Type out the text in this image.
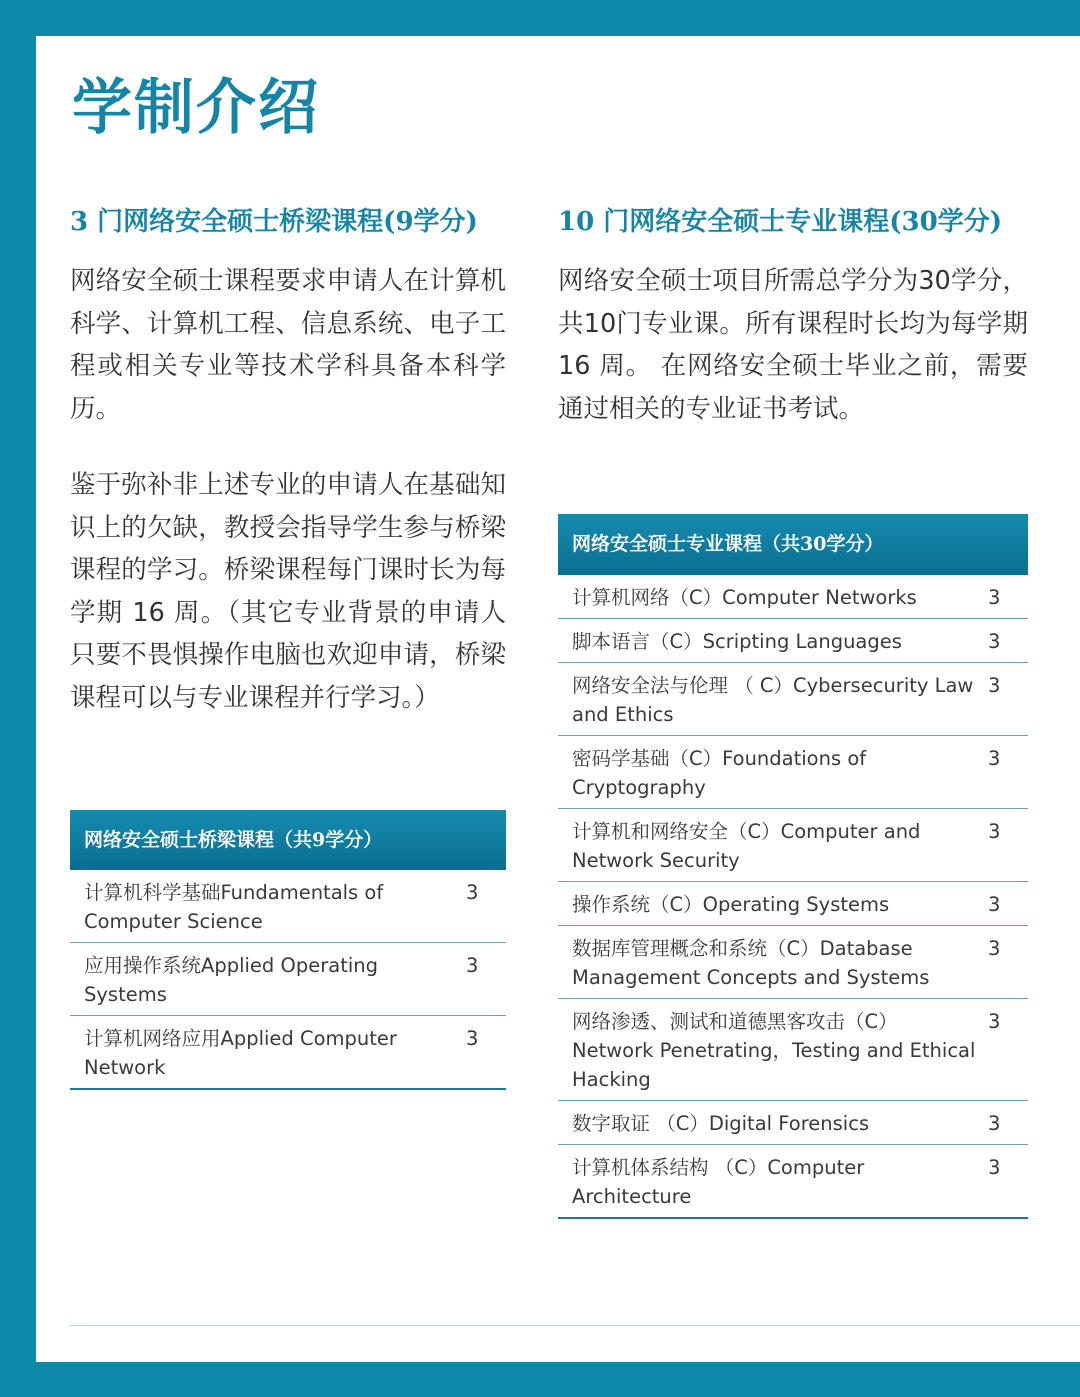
学制介绍
3 门网络安全硕士桥梁课程(9学分)

网络安全硕士课程要求申请人在计算机科学、计算机工程、信息系统、电子工程或相关专业等技术学科具备本科学历。

鉴于弥补非上述专业的申请人在基础知识上的欠缺，教授会指导学生参与桥梁课程的学习。桥梁课程每门课时长为每学期 16 周。（其它专业背景的申请人只要不畏惧操作电脑也欢迎申请，桥梁课程可以与专业课程并行学习。）

网络安全硕士桥梁课程（共9学分）
计算机科学基础Fundamentals of Computer Science
3
应用操作系统Applied Operating Systems
3
计算机网络应用Applied Computer Network
3
10 门网络安全硕士专业课程(30学分)

网络安全硕士项目所需总学分为30学分，共10门专业课。所有课程时长均为每学期 16 周。 在网络安全硕士毕业之前，需要通过相关的专业证书考试。

网络安全硕士专业课程（共30学分）
计算机网络（C）Computer Networks	3
脚本语言（C）Scripting Languages	3
网络安全法与伦理 （ C）Cybersecurity Law and Ethics
3
密码学基础（C）Foundations of Cryptography
3
计算机和网络安全（C）Computer and Network Security
3
操作系统（C）Operating Systems	3
数据库管理概念和系统（C）Database Management Concepts and Systems
3
网络渗透、测试和道德黑客攻击（C）Network Penetrating，Testing and Ethical Hacking
3
数字取证 （C）Digital Forensics	3
计算机体系结构 （C）Computer Architecture
3
